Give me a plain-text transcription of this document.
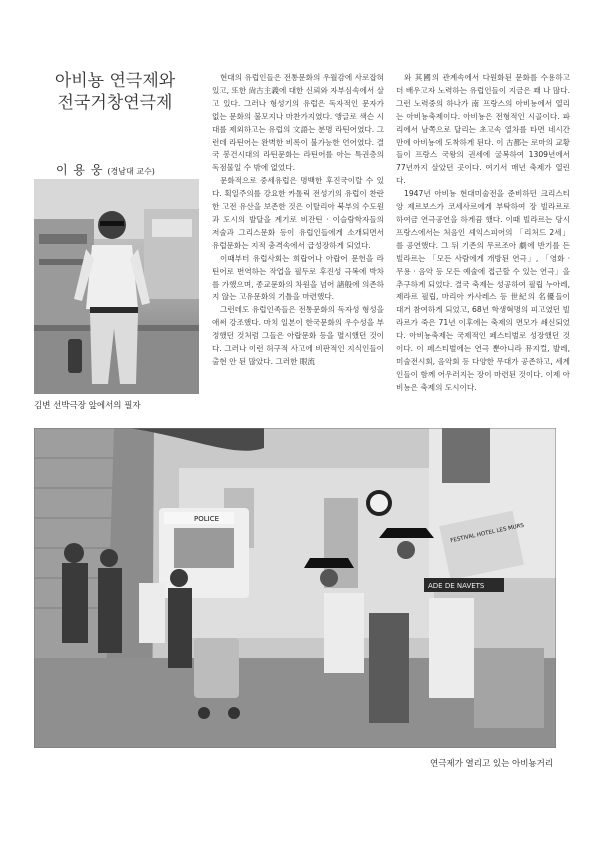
아비뇽 연극제와
전국거창연극제
이 용 웅 (경남대 교수)
김변 선박극장 앞에서의 필자

현대의 유럽인들은 전통문화의 우월감에 사로잡혀 있고, 또한 尙古主義에 대한 신뢰와 자부심속에서 살고 있다. 그러나 형성기의 유럽은 독자적인 문자가 없는 문화의 불모지나 마찬가지였다. 앵글로 색슨 시대를 제외하고는 유럽의 文語는 분명 라틴어였다. 그런데 라틴어는 완벽한 비록이 불가능한 언어였다. 결국 봉건시대의 라틴문화는 라틴어를 아는 특권층의 독점물일 수 밖에 없었다.

문화적으로 중세유럽은 명백한 후진국이랄 수 있다. 획일주의를 강요한 카톨릭 전성기의 유럽이 찬란한 고전 유산을 보존한 것은 이탈리아 북부의 수도원과 도시의 발달을 계기로 비잔틴 · 이슬람학자들의 저술과 그리스문화 등이 유럽인들에게 소개되면서 유럽문화는 지적 충격속에서 급성장하게 되었다.

이때부터 유럽사회는 희랍어나 아랍어 문헌을 라틴어로 번역하는 작업을 필두로 후진성 극복에 박차를 가했으며, 종교문화의 차원을 넘어 諸般에 의존하지 않는 고유문화의 기틀을 마련했다.

그런데도 유럽인족들은 전통문화의 독자성 형성을 애써 강조했다. 마치 일본이 한국문화의 우수성을 부정했던 것처럼 그들은 아랍문화 등을 멸시했던 것이다. 그러나 이런 허구적 사고에 비판적인 지식인들이 출현 안 된 많았다. 그러한 眼流

와 其國의 관계속에서 다원화된 문화를 수용하고 더 배우고자 노력하는 유럽인들이 지금은 꽤 나 많다. 그런 노력중의 하나가 南 프랑스의 아비뇽에서 열리는 아비뇽축제이다. 아비뇽은 전형적인 시골이다. 파리에서 남쪽으로 달리는 초고속 열차를 타면 네시간만에 아비뇽에 도착하게 된다. 이 古都는 로마의 교황들이 프랑스 국왕의 권세에 굴복하여 1309년에서 77년까지 살았던 곳이다. 여기서 매년 축제가 열린다.

1947년 아비뇽 현대미술전을 준비하던 크리스티앙 제르보스가 코세사르에게 부탁하여 장 빌라르로 하여금 연극공연을 하게끔 했다. 이때 빌라르는 당시 프랑스에서는 처음인 셰익스피어의 「리처드 2세」를 공연했다. 그 뒤 기존의 무르조아 劇에 반기를 든 빌라르는 「모든 사람에게 개방된 연극」, 「영화 · 무용 · 음악 등 모든 예술에 접근할 수 있는 연극」을 추구하게 되었다. 결국 축제는 성공하여 필립 누아레, 제라르 필립, 마리아 카사레스 등 世紀의 名優들이 대거 참여하게 되었고, 68년 학생혁명의 피고였던 빌라르가 죽은 71년 이후에는 축제의 면모가 쇄신되었다. 아비뇽축제는 국제적인 페스티벌로 성장했던 것이다. 이 페스티벌에는 연극 뿐아니라 뮤지컬, 발레, 미술전시회, 음악회 등 다양한 무대가 공존하고, 세계인들이 함께 어우러지는 장이 마련된 것이다. 이제 아비뇽은 축제의 도시이다.

POLICE
FESTIVAL HOTEL LES MURS
ADE DE NAVETS
연극제가 열리고 있는 아비뇽거리
